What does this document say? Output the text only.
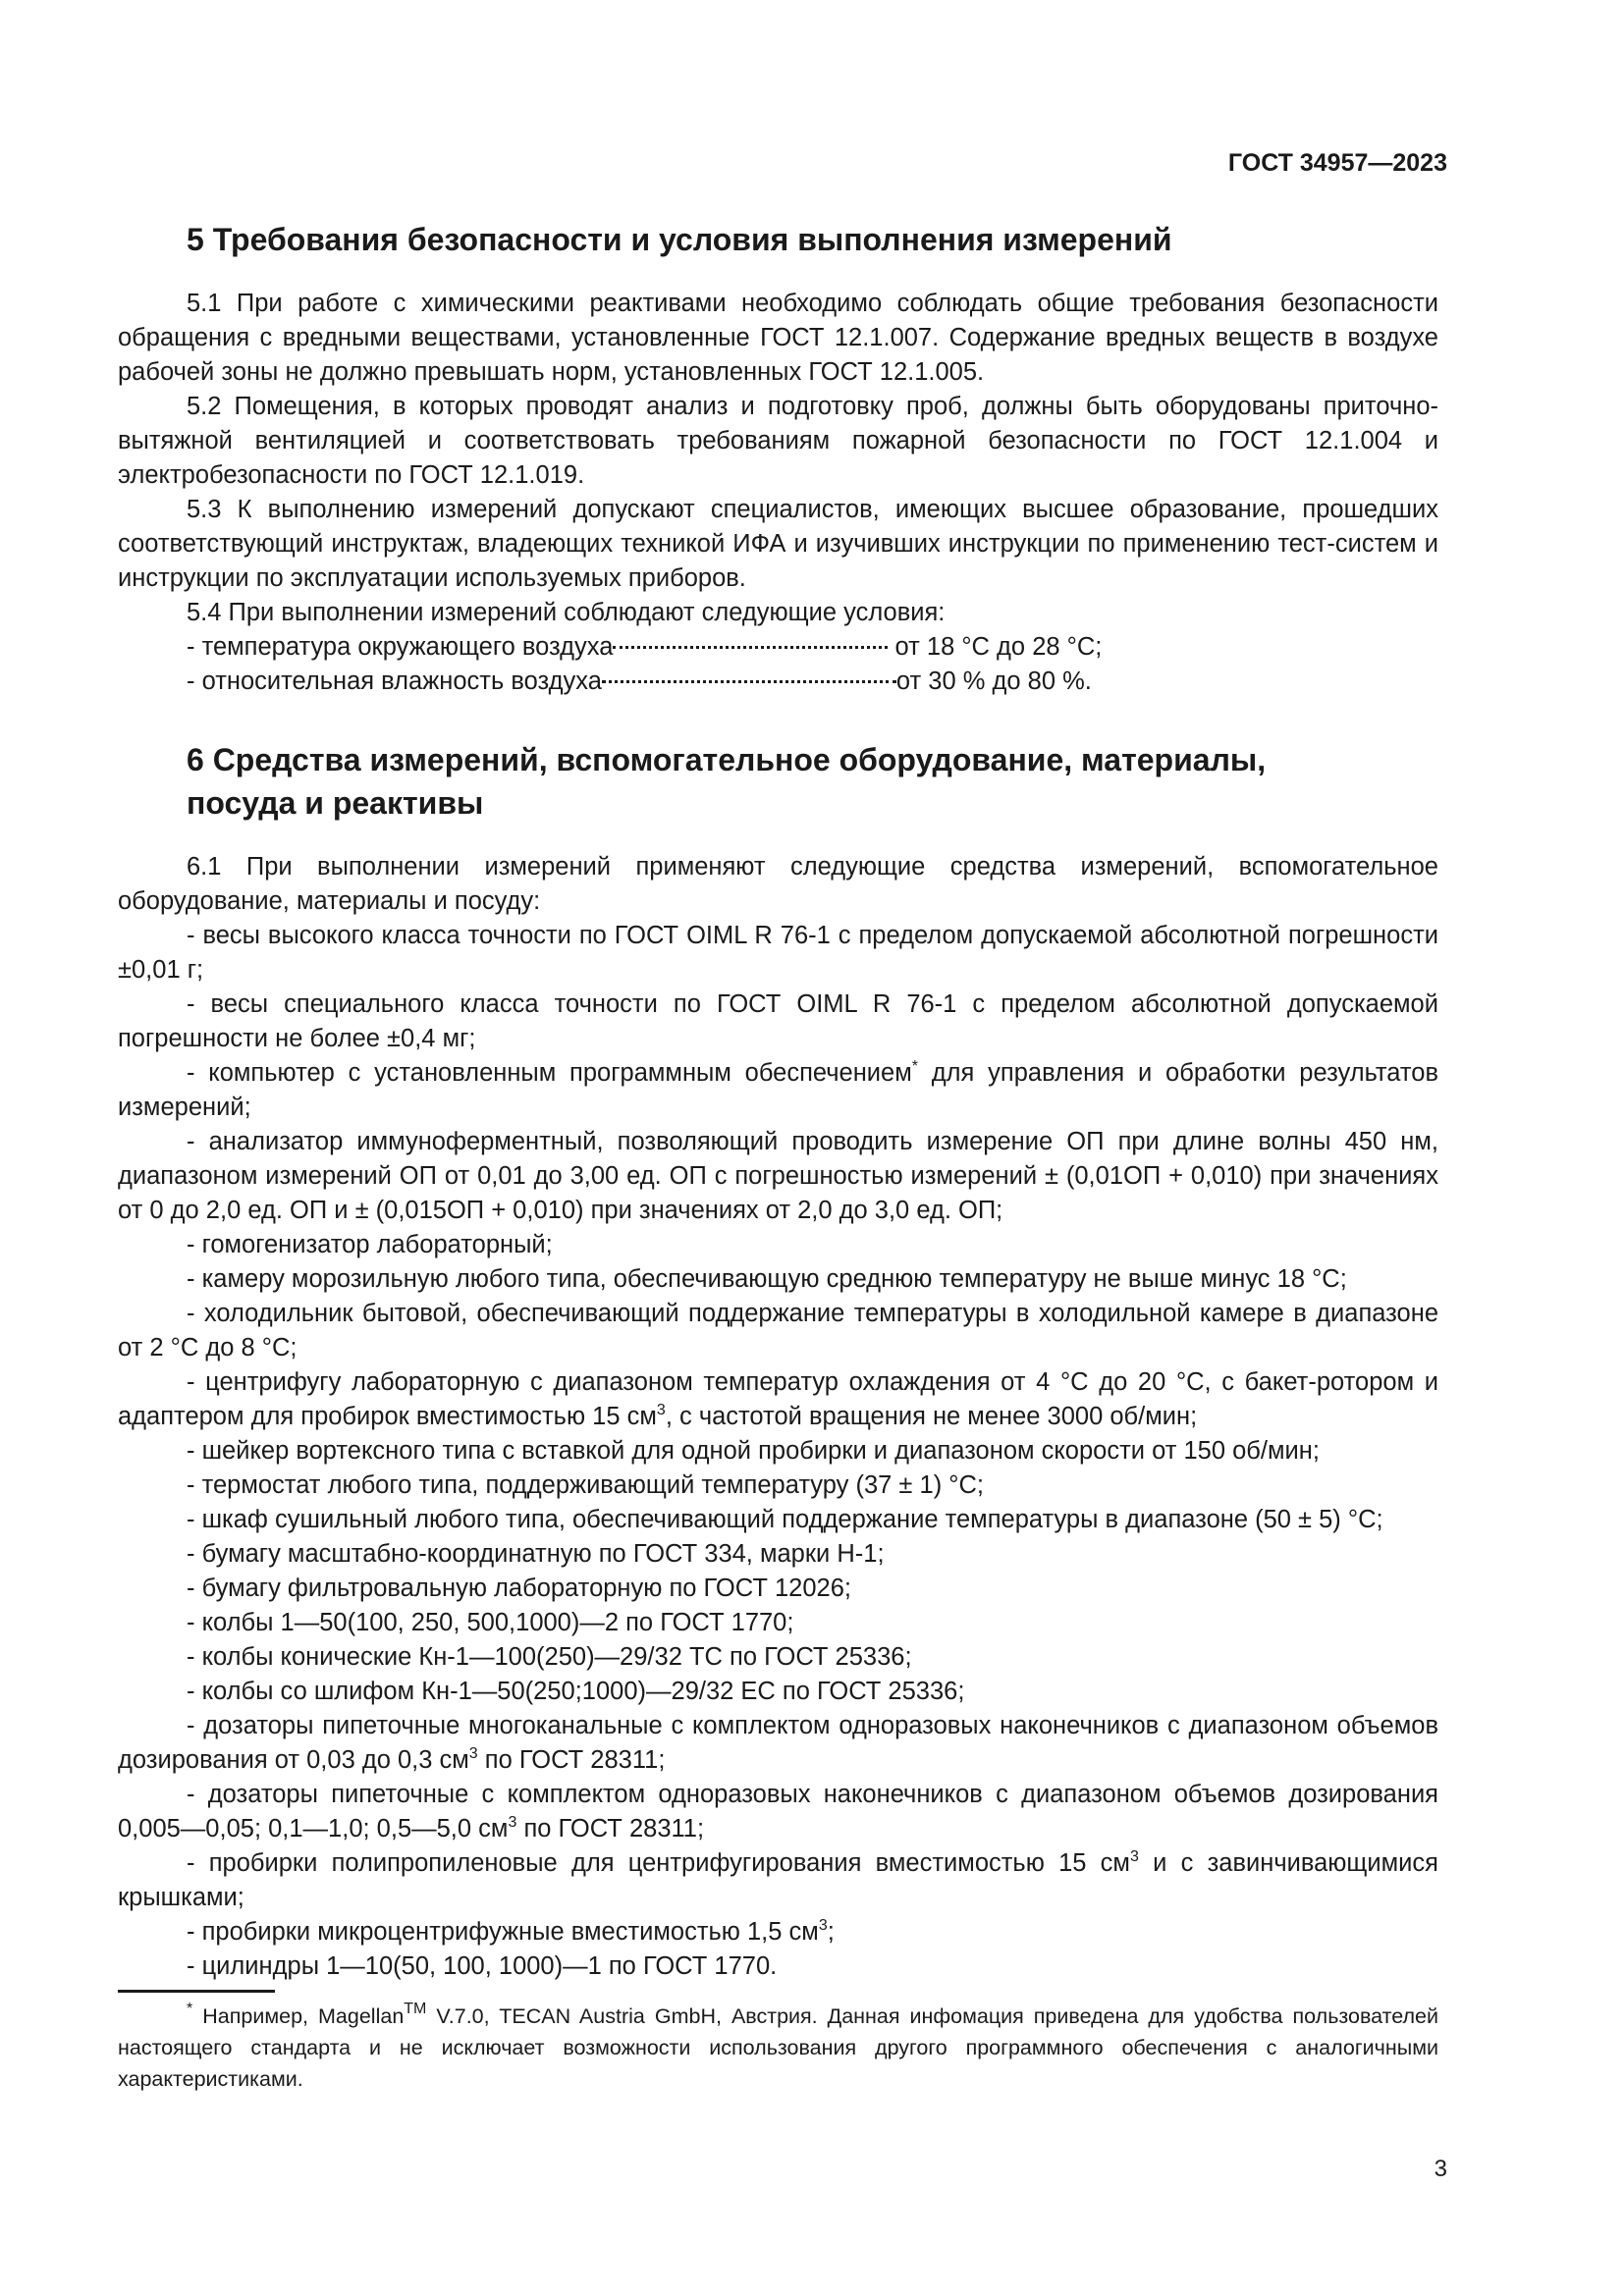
ГОСТ 34957—2023
5 Требования безопасности и условия выполнения измерений

5.1 При работе с химическими реактивами необходимо соблюдать общие требования безопасности обращения с вредными веществами, установленные ГОСТ 12.1.007. Содержание вредных веществ в воздухе рабочей зоны не должно превышать норм, установленных ГОСТ 12.1.005.

5.2 Помещения, в которых проводят анализ и подготовку проб, должны быть оборудованы приточно-вытяжной вентиляцией и соответствовать требованиям пожарной безопасности по ГОСТ 12.1.004 и электробезопасности по ГОСТ 12.1.019.

5.3 К выполнению измерений допускают специалистов, имеющих высшее образование, прошедших соответствующий инструктаж, владеющих техникой ИФА и изучивших инструкции по применению тест-систем и инструкции по эксплуатации используемых приборов.

5.4 При выполнении измерений соблюдают следующие условия:

- температура окружающего воздуха	от 18 °С до 28 °С;

- относительная влажность воздуха	от 30 % до 80 %.

6 Средства измерений, вспомогательное оборудование, материалы,
посуда и реактивы

6.1 При выполнении измерений применяют следующие средства измерений, вспомогательное оборудование, материалы и посуду:

- весы высокого класса точности по ГОСТ OIML R 76-1 с пределом допускаемой абсолютной погрешности ±0,01 г;

- весы специального класса точности по ГОСТ OIML R 76-1 с пределом абсолютной допускаемой погрешности не более ±0,4 мг;

- компьютер с установленным программным обеспечением* для управления и обработки результатов измерений;

- анализатор иммуноферментный, позволяющий проводить измерение ОП при длине волны 450 нм, диапазоном измерений ОП от 0,01 до 3,00 ед. ОП с погрешностью измерений ± (0,01ОП + 0,010) при значениях от 0 до 2,0 ед. ОП и ± (0,015ОП + 0,010) при значениях от 2,0 до 3,0 ед. ОП;

- гомогенизатор лабораторный;

- камеру морозильную любого типа, обеспечивающую среднюю температуру не выше минус 18 °С;

- холодильник бытовой, обеспечивающий поддержание температуры в холодильной камере в диапазоне от 2 °С до 8 °С;

- центрифугу лабораторную с диапазоном температур охлаждения от 4 °С до 20 °С, с бакет-ротором и адаптером для пробирок вместимостью 15 $см^3$, с частотой вращения не менее 3000 об/мин;

- шейкер вортексного типа с вставкой для одной пробирки и диапазоном скорости от 150 об/мин;

- термостат любого типа, поддерживающий температуру (37 ± 1) °С;

- шкаф сушильный любого типа, обеспечивающий поддержание температуры в диапазоне (50 ± 5) °С;

- бумагу масштабно-координатную по ГОСТ 334, марки Н-1;

- бумагу фильтровальную лабораторную по ГОСТ 12026;

- колбы 1—50(100, 250, 500,1000)—2 по ГОСТ 1770;

- колбы конические Кн-1—100(250)—29/32 ТС по ГОСТ 25336;

- колбы со шлифом Кн-1—50(250;1000)—29/32 ЕС по ГОСТ 25336;

- дозаторы пипеточные многоканальные с комплектом одноразовых наконечников с диапазоном объемов дозирования от 0,03 до 0,3 $см^3$ по ГОСТ 28311;

- дозаторы пипеточные с комплектом одноразовых наконечников с диапазоном объемов дозирования 0,005—0,05; 0,1—1,0; 0,5—5,0 $см^3$ по ГОСТ 28311;

- пробирки полипропиленовые для центрифугирования вместимостью 15 $см^3$ и с завинчивающимися крышками;

- пробирки микроцентрифужные вместимостью 1,5 $см^3$;

- цилиндры 1—10(50, 100, 1000)—1 по ГОСТ 1770.

* Например, Magellan™ V.7.0, TECAN Austria GmbH, Австрия. Данная инфомация приведена для удобства пользователей настоящего стандарта и не исключает возможности использования другого программного обеспечения с аналогичными характеристиками.

3
